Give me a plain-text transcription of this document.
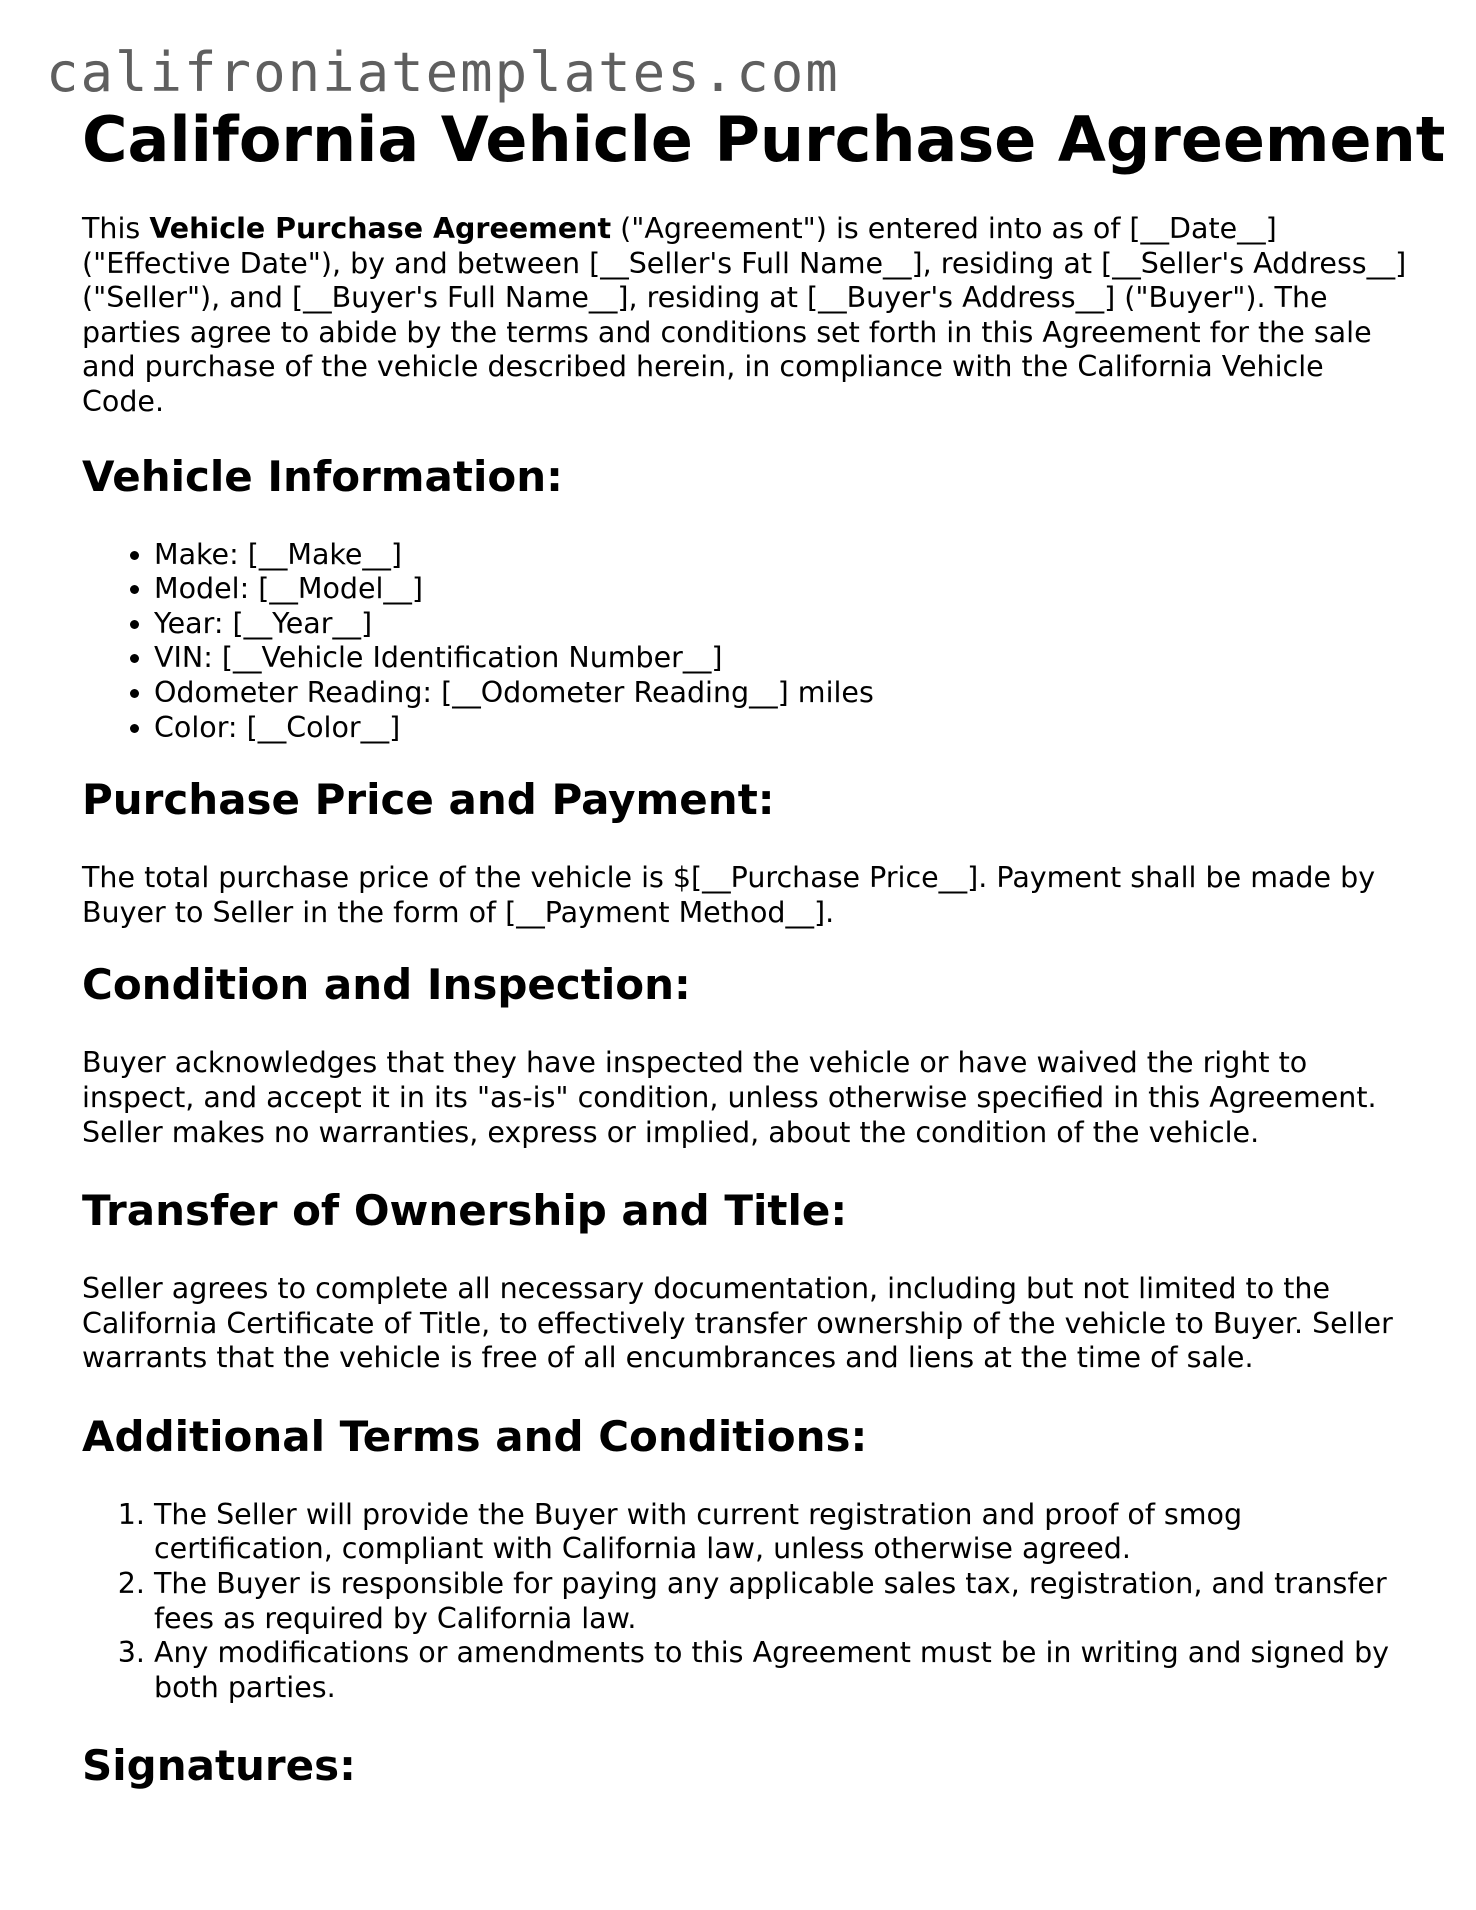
califroniatemplates.com
California Vehicle Purchase Agreement

This Vehicle Purchase Agreement ("Agreement") is entered into as of [__Date__] ("Effective Date"), by and between [__Seller's Full Name__], residing at [__Seller's Address__] ("Seller"), and [__Buyer's Full Name__], residing at [__Buyer's Address__] ("Buyer"). The parties agree to abide by the terms and conditions set forth in this Agreement for the sale and purchase of the vehicle described herein, in compliance with the California Vehicle Code.

Vehicle Information:
• Make: [__Make__]
• Model: [__Model__]
• Year: [__Year__]
• VIN: [__Vehicle Identification Number__]
• Odometer Reading: [__Odometer Reading__] miles
• Color: [__Color__]
Purchase Price and Payment:

The total purchase price of the vehicle is $[__Purchase Price__]. Payment shall be made by Buyer to Seller in the form of [__Payment Method__].

Condition and Inspection:

Buyer acknowledges that they have inspected the vehicle or have waived the right to inspect, and accept it in its "as-is" condition, unless otherwise specified in this Agreement. Seller makes no warranties, express or implied, about the condition of the vehicle.

Transfer of Ownership and Title:

Seller agrees to complete all necessary documentation, including but not limited to the California Certificate of Title, to effectively transfer ownership of the vehicle to Buyer. Seller warrants that the vehicle is free of all encumbrances and liens at the time of sale.

Additional Terms and Conditions:
1. The Seller will provide the Buyer with current registration and proof of smog certification, compliant with California law, unless otherwise agreed.
2. The Buyer is responsible for paying any applicable sales tax, registration, and transfer fees as required by California law.
3. Any modifications or amendments to this Agreement must be in writing and signed by both parties.
Signatures:
